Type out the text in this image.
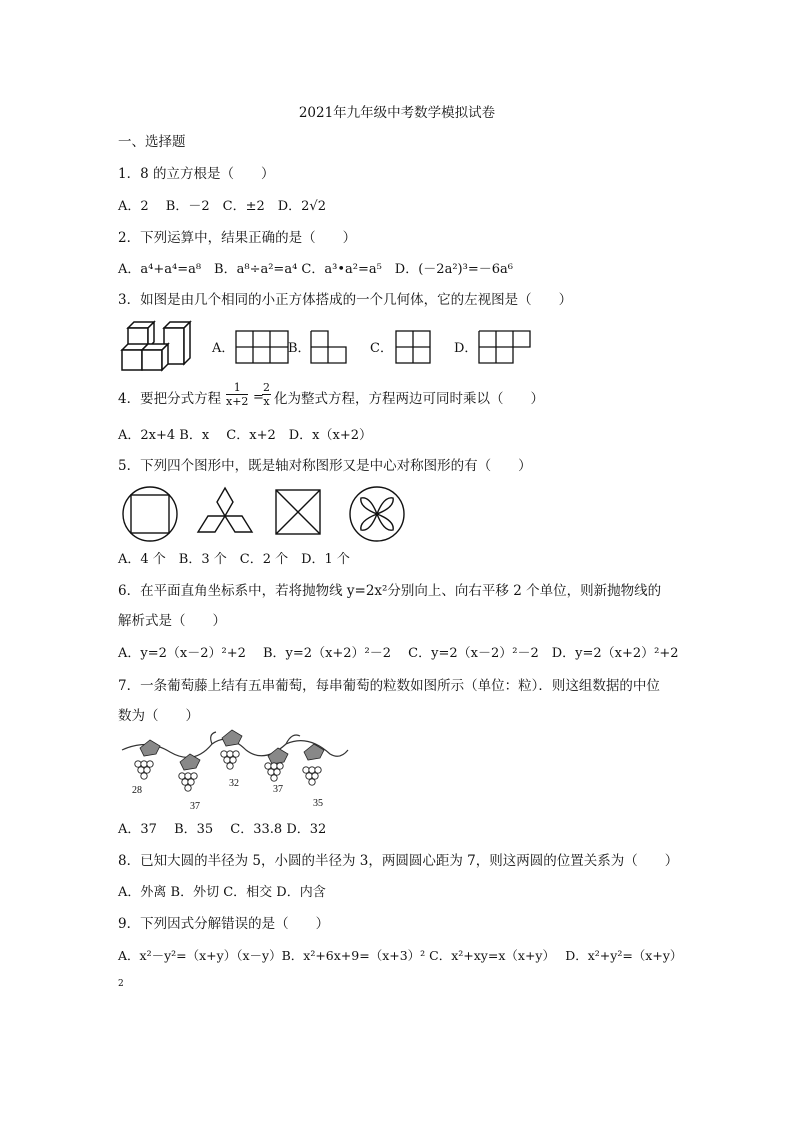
2021年九年级中考数学模拟试卷
一、选择题
1．8 的立方根是（　　）
A．2　 B．－2　C．±2　D．2√2
2．下列运算中，结果正确的是（　　）
A．a⁴+a⁴=a⁸　B．a⁸÷a²=a⁴ C．a³•a²=a⁵　D．(－2a²)³=－6a⁶
3．如图是由几个相同的小正方体搭成的一个几何体，它的左视图是（　　）
A．	B．	C．	D．
4．要把分式方程 $\frac{1}{x+2}$ =
$\frac{2}{x}$ 化为整式方程，方程两边可同时乘以（　　）
A．2x+4 B．x　 C．x+2　D．x（x+2）
5．下列四个图形中，既是轴对称图形又是中心对称图形的有（　　）
A．4 个　B．3 个　C．2 个　D．1 个
6．在平面直角坐标系中，若将抛物线 y=2x²分别向上、向右平移 2 个单位，则新抛物线的
解析式是（　　）
A．y=2（x－2）²+2　 B．y=2（x+2）²－2　 C．y=2（x－2）²－2　D．y=2（x+2）²+2
7．一条葡萄藤上结有五串葡萄，每串葡萄的粒数如图所示（单位：粒）．则这组数据的中位
数为（　　）
28
37
32
37
35
A．37　 B．35　 C．33.8 D．32
8．已知大圆的半径为 5，小圆的半径为 3，两圆圆心距为 7，则这两圆的位置关系为（　　）
A．外离 B．外切 C．相交 D．内含
9．下列因式分解错误的是（　　）
A．x²－y²=（x+y）（x－y）B．x²+6x+9=（x+3）² C．x²+xy=x（x+y）　 D．x²+y²=（x+y）
2
